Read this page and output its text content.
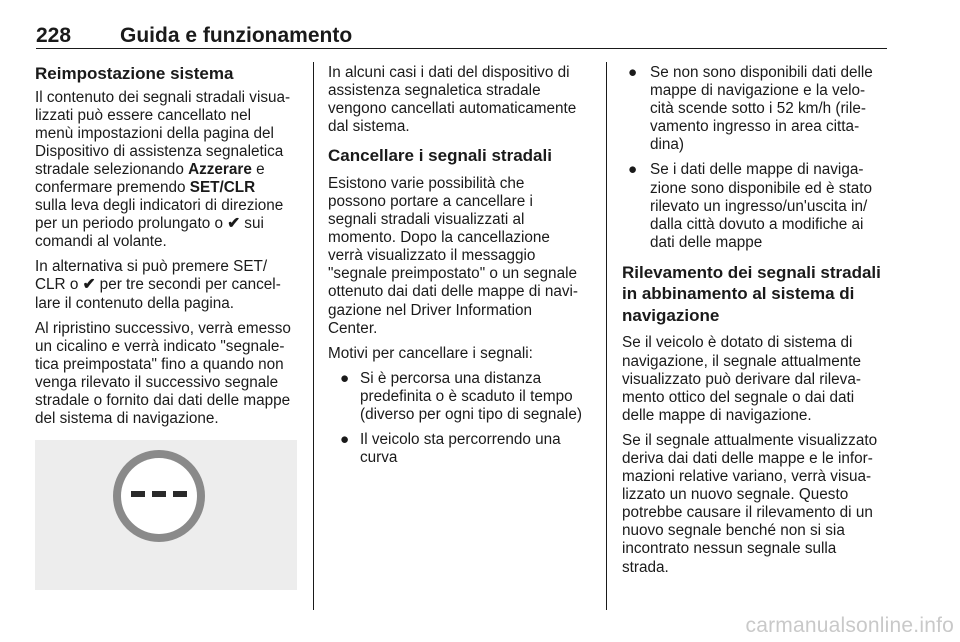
228 Guida e funzionamento
Reimpostazione sistema

Il contenuto dei segnali stradali visua-
lizzati può essere cancellato nel
menù impostazioni della pagina del
Dispositivo di assistenza segnaletica
stradale selezionando Azzerare e
confermare premendo SET/CLR
sulla leva degli indicatori di direzione
per un periodo prolungato o ✔ sui
comandi al volante.

In alternativa si può premere SET/
CLR o ✔ per tre secondi per cancel-
lare il contenuto della pagina.

Al ripristino successivo, verrà emesso
un cicalino e verrà indicato "segnale-
tica preimpostata" fino a quando non
venga rilevato il successivo segnale
stradale o fornito dai dati delle mappe
del sistema di navigazione.

In alcuni casi i dati del dispositivo di
assistenza segnaletica stradale
vengono cancellati automaticamente
dal sistema.

Cancellare i segnali stradali

Esistono varie possibilità che
possono portare a cancellare i
segnali stradali visualizzati al
momento. Dopo la cancellazione
verrà visualizzato il messaggio
"segnale preimpostato" o un segnale
ottenuto dai dati delle mappe di navi-
gazione nel Driver Information
Center.

Motivi per cancellare i segnali:

● Si è percorsa una distanza
predefinita o è scaduto il tempo
(diverso per ogni tipo di segnale)
● Il veicolo sta percorrendo una
curva
● Se non sono disponibili dati delle
mappe di navigazione e la velo-
cità scende sotto i 52 km/h (rile-
vamento ingresso in area citta-
dina)
● Se i dati delle mappe di naviga-
zione sono disponibile ed è stato
rilevato un ingresso/un'uscita in/
dalla città dovuto a modifiche ai
dati delle mappe
Rilevamento dei segnali stradali
in abbinamento al sistema di
navigazione

Se il veicolo è dotato di sistema di
navigazione, il segnale attualmente
visualizzato può derivare dal rileva-
mento ottico del segnale o dai dati
delle mappe di navigazione.

Se il segnale attualmente visualizzato
deriva dai dati delle mappe e le infor-
mazioni relative variano, verrà visua-
lizzato un nuovo segnale. Questo
potrebbe causare il rilevamento di un
nuovo segnale benché non si sia
incontrato nessun segnale sulla
strada.

carmanualsonline.info
